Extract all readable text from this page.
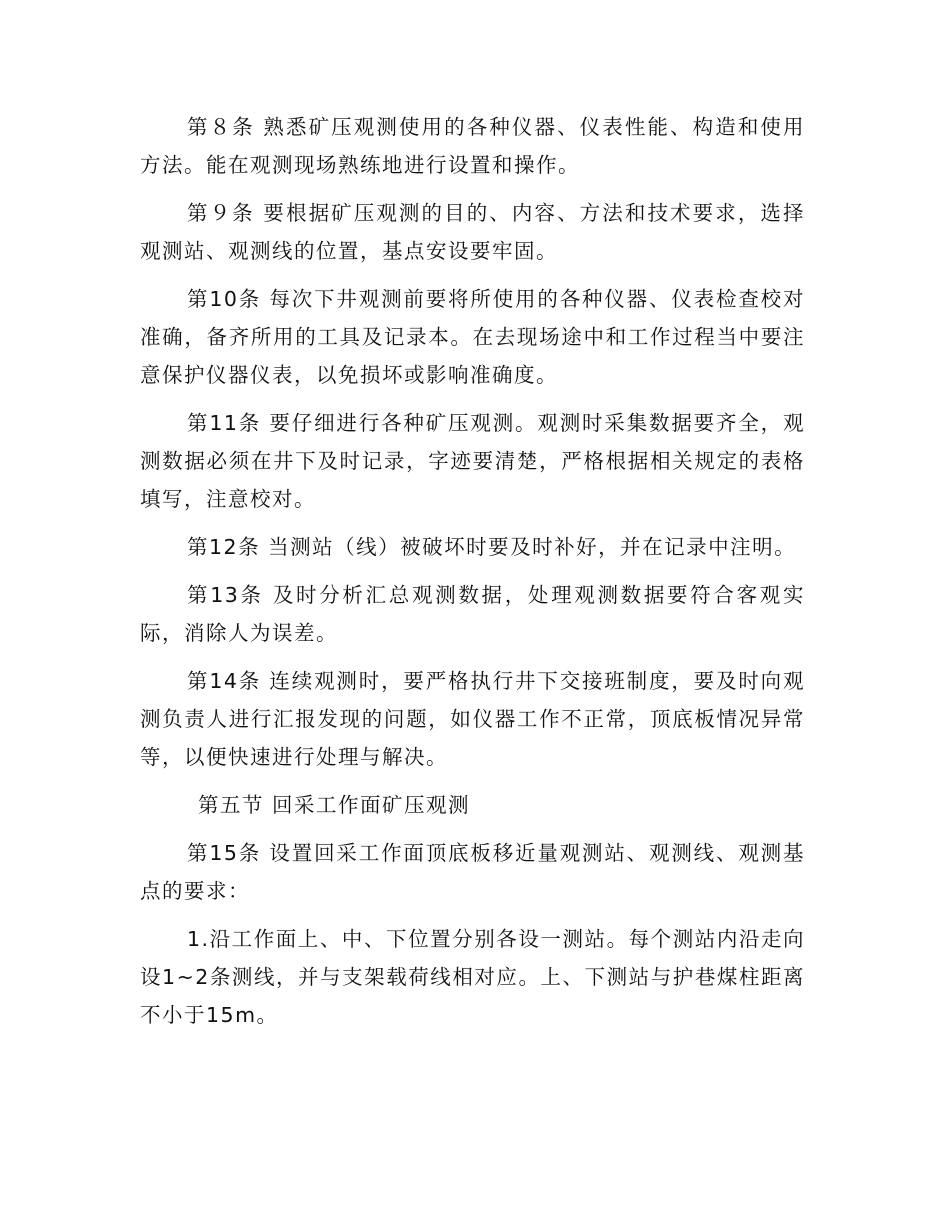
第８条 熟悉矿压观测使用的各种仪器、仪表性能、构造和使用方法。能在观测现场熟练地进行设置和操作。

第９条 要根据矿压观测的目的、内容、方法和技术要求，选择观测站、观测线的位置，基点安设要牢固。

第10条 每次下井观测前要将所使用的各种仪器、仪表检查校对准确，备齐所用的工具及记录本。在去现场途中和工作过程当中要注意保护仪器仪表，以免损坏或影响准确度。

第11条 要仔细进行各种矿压观测。观测时采集数据要齐全，观测数据必须在井下及时记录，字迹要清楚，严格根据相关规定的表格填写，注意校对。

第12条 当测站（线）被破坏时要及时补好，并在记录中注明。

第13条 及时分析汇总观测数据，处理观测数据要符合客观实际，消除人为误差。

第14条 连续观测时，要严格执行井下交接班制度，要及时向观测负责人进行汇报发现的问题，如仪器工作不正常，顶底板情况异常等，以便快速进行处理与解决。

第五节 回采工作面矿压观测

第15条 设置回采工作面顶底板移近量观测站、观测线、观测基点的要求：

1.沿工作面上、中、下位置分别各设一测站。每个测站内沿走向设1~2条测线，并与支架载荷线相对应。上、下测站与护巷煤柱距离不小于15m。
